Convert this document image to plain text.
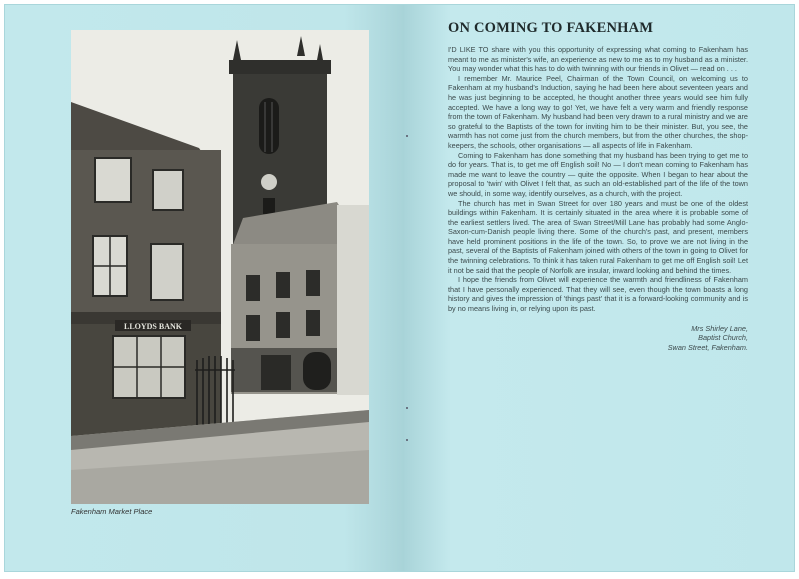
LLOYDS BANK
Fakenham Market Place
ON COMING TO FAKENHAM

I'D LIKE TO share with you this opportunity of expressing what coming to Fakenham has meant to me as minister's wife, an experience as new to me as to my husband as a minister. You may wonder what this has to do with twinning with our friends in Olivet — read on . . .

I remember Mr. Maurice Peel, Chairman of the Town Council, on welcoming us to Fakenham at my husband's Induction, saying he had been here about seventeen years and he was just beginning to be accepted, he thought another three years would see him fully accepted. We have a long way to go! Yet, we have felt a very warm and friendly response from the town of Fakenham. My husband had been very drawn to a rural ministry and we are so grateful to the Baptists of the town for inviting him to be their minister. But, you see, the warmth has not come just from the church members, but from the other churches, the shop-keepers, the schools, other organisations — all aspects of life in Fakenham.

Coming to Fakenham has done something that my husband has been trying to get me to do for years. That is, to get me off English soil! No — I don't mean coming to Fakenham has made me want to leave the country — quite the opposite. When I began to hear about the proposal to 'twin' with Olivet I felt that, as such an old-established part of the life of the town we should, in some way, identify ourselves, as a church, with the project.

The church has met in Swan Street for over 180 years and must be one of the oldest buildings within Fakenham. It is certainly situated in the area where it is probable some of the earliest settlers lived. The area of Swan Street/Mill Lane has probably had some Anglo-Saxon-cum-Danish people living there. Some of the church's past, and present, members have held prominent positions in the life of the town. So, to prove we are not living in the past, several of the Baptists of Fakenham joined with others of the town in going to Olivet for the twinning celebrations. To think it has taken rural Fakenham to get me off English soil! Let it not be said that the people of Norfolk are insular, inward looking and behind the times.

I hope the friends from Olivet will experience the warmth and friendliness of Fakenham that I have personally experienced. That they will see, even though the town boasts a long history and gives the impression of 'things past' that it is a forward-looking community and is by no means living in, or relying upon its past.

Mrs Shirley Lane,
Baptist Church,
Swan Street, Fakenham.
